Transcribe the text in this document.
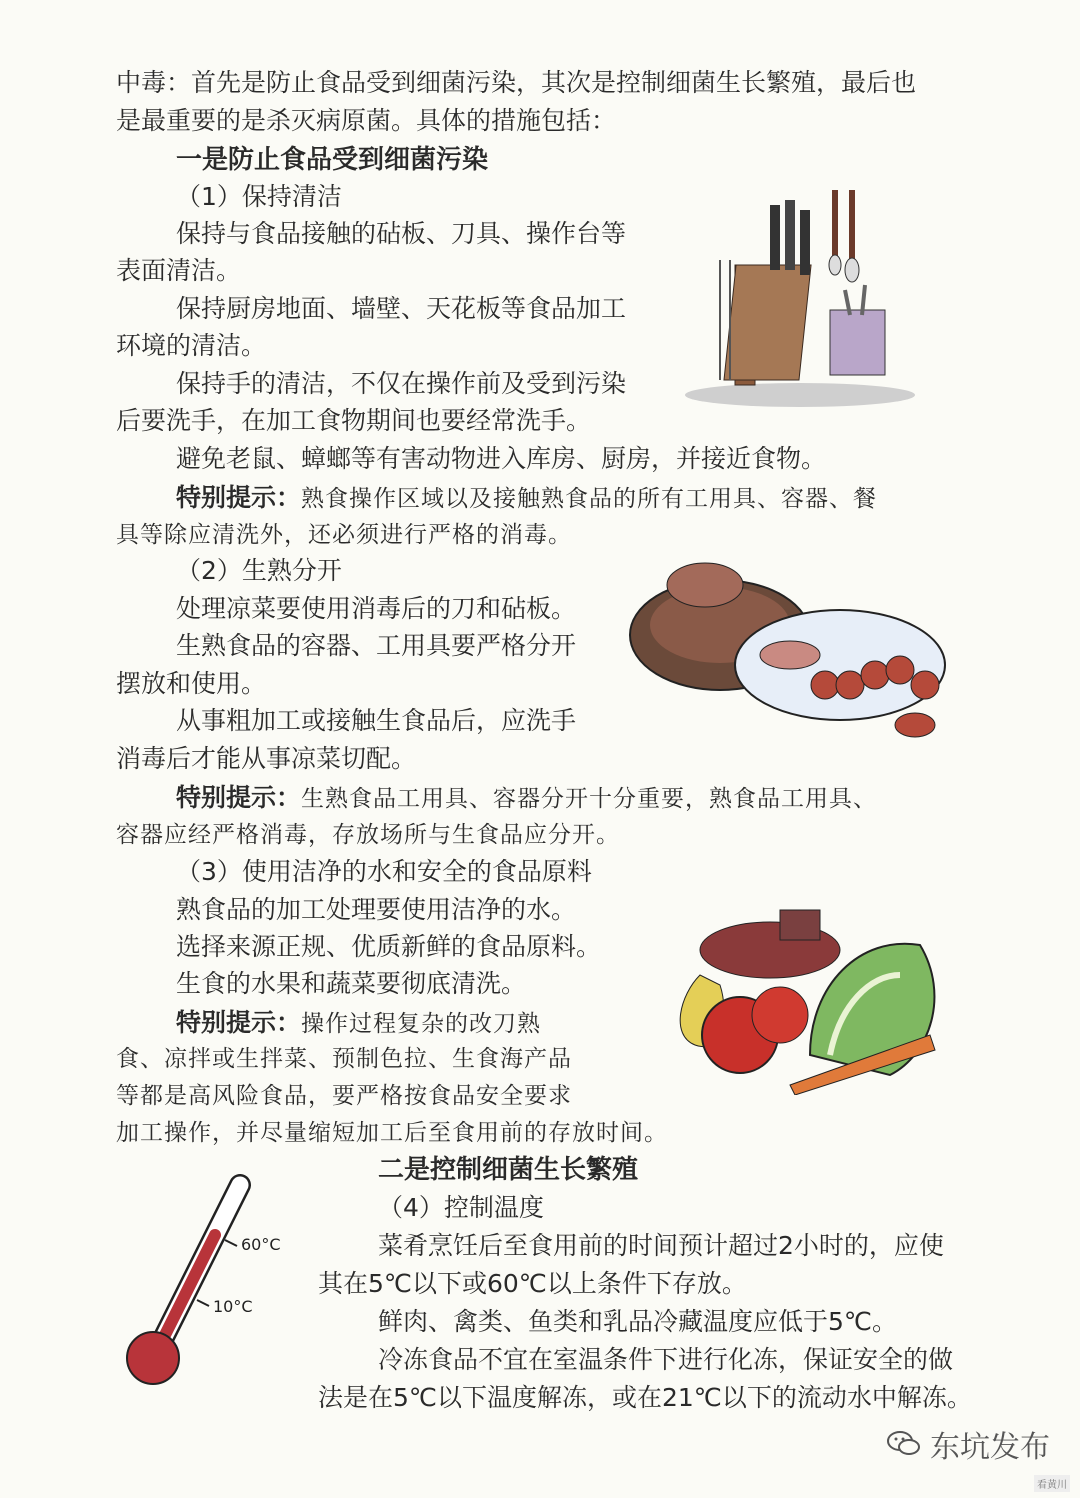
中毒：首先是防止食品受到细菌污染，其次是控制细菌生长繁殖，最后也

是最重要的是杀灭病原菌。具体的措施包括：

一是防止食品受到细菌污染

（1）保持清洁

保持与食品接触的砧板、刀具、操作台等

表面清洁。

保持厨房地面、墙壁、天花板等食品加工

环境的清洁。

保持手的清洁，不仅在操作前及受到污染

后要洗手，在加工食物期间也要经常洗手。

避免老鼠、蟑螂等有害动物进入库房、厨房，并接近食物。

特别提示：熟食操作区域以及接触熟食品的所有工用具、容器、餐

具等除应清洗外，还必须进行严格的消毒。

（2）生熟分开

处理凉菜要使用消毒后的刀和砧板。

生熟食品的容器、工用具要严格分开

摆放和使用。

从事粗加工或接触生食品后，应洗手

消毒后才能从事凉菜切配。

特别提示：生熟食品工用具、容器分开十分重要，熟食品工用具、

容器应经严格消毒，存放场所与生食品应分开。

（3）使用洁净的水和安全的食品原料

熟食品的加工处理要使用洁净的水。

选择来源正规、优质新鲜的食品原料。

生食的水果和蔬菜要彻底清洗。

特别提示：操作过程复杂的改刀熟

食、凉拌或生拌菜、预制色拉、生食海产品

等都是高风险食品，要严格按食品安全要求

加工操作，并尽量缩短加工后至食用前的存放时间。

二是控制细菌生长繁殖

（4）控制温度

菜肴烹饪后至食用前的时间预计超过2小时的，应使

其在5℃以下或60℃以上条件下存放。

鲜肉、禽类、鱼类和乳品冷藏温度应低于5℃。

冷冻食品不宜在室温条件下进行化冻，保证安全的做

法是在5℃以下温度解冻，或在21℃以下的流动水中解冻。

60°C
10°C
东坑发布
看黄川
